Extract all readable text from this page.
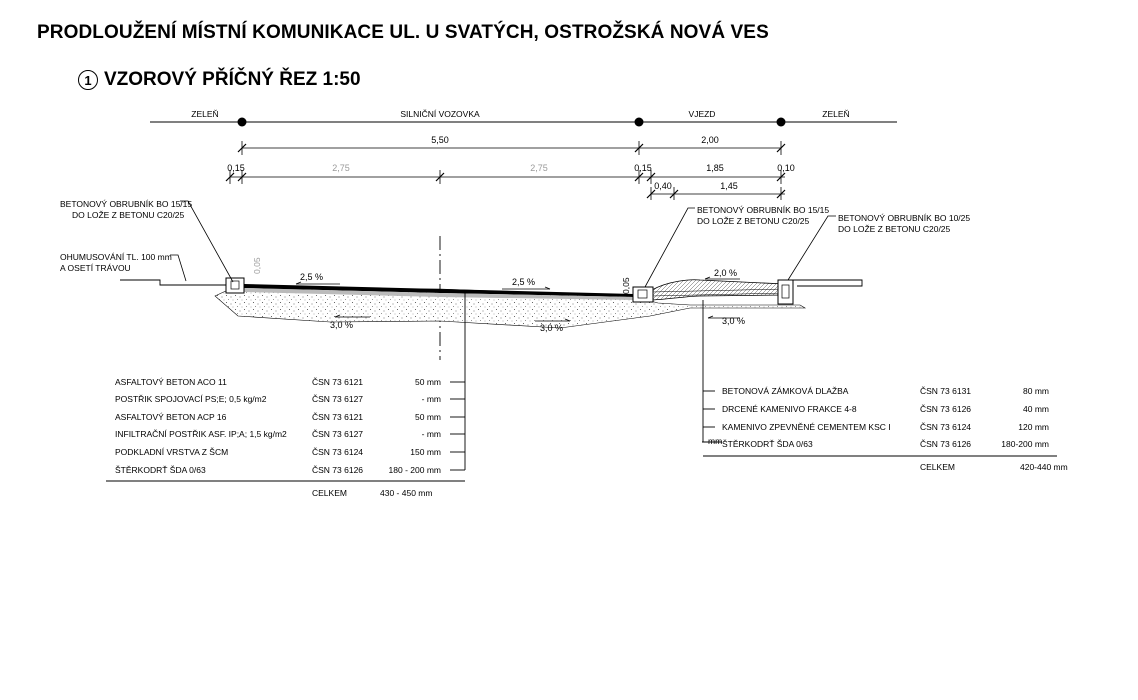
PRODLOUŽENÍ MÍSTNÍ KOMUNIKACE UL. U SVATÝCH, OSTROŽSKÁ NOVÁ VES
1 VZOROVÝ PŘÍČNÝ ŘEZ 1:50
ZELEŇ	SILNIČNÍ VOZOVKA	VJEZD	ZELEŇ
5,50	2,00
0,15	2,75	2,75	0,15	1,85	0,10
0,40	1,45
0,05
0,05
2,5 %	2,5 %
2,0 %
3,0 %	3,0 %
3,0 %
BETONOVÝ OBRUBNÍK BO 15/15
DO LOŽE Z BETONU C20/25
OHUMUSOVÁNÍ TL. 100 mm
A OSETÍ TRÁVOU
BETONOVÝ OBRUBNÍK BO 15/15
DO LOŽE Z BETONU C20/25	BETONOVÝ OBRUBNÍK BO 10/25
DO LOŽE Z BETONU C20/25
ASFALTOVÝ BETON ACO 11	ČSN 73 6121	50 mm
POSTŘIK SPOJOVACÍ PS;E; 0,5 kg/m2	ČSN 73 6127	- mm
ASFALTOVÝ BETON ACP 16	ČSN 73 6121	50 mm
INFILTRAČNÍ POSTŘIK ASF. IP;A; 1,5 kg/m2	ČSN 73 6127	- mm
PODKLADNÍ VRSTVA Z ŠCM	ČSN 73 6124	150 mm
ŠTĚRKODRŤ ŠDA 0/63	ČSN 73 6126	180 - 200 mm
CELKEM	430 - 450 mm
mm
BETONOVÁ ZÁMKOVÁ DLAŽBA	ČSN 73 6131	80 mm
DRCENÉ KAMENIVO FRAKCE 4-8	ČSN 73 6126	40 mm
KAMENIVO ZPEVNĚNÉ CEMENTEM KSC I	ČSN 73 6124	120 mm
ŠTĚRKODRŤ ŠDA 0/63	ČSN 73 6126	180-200 mm
CELKEM	420-440 mm
